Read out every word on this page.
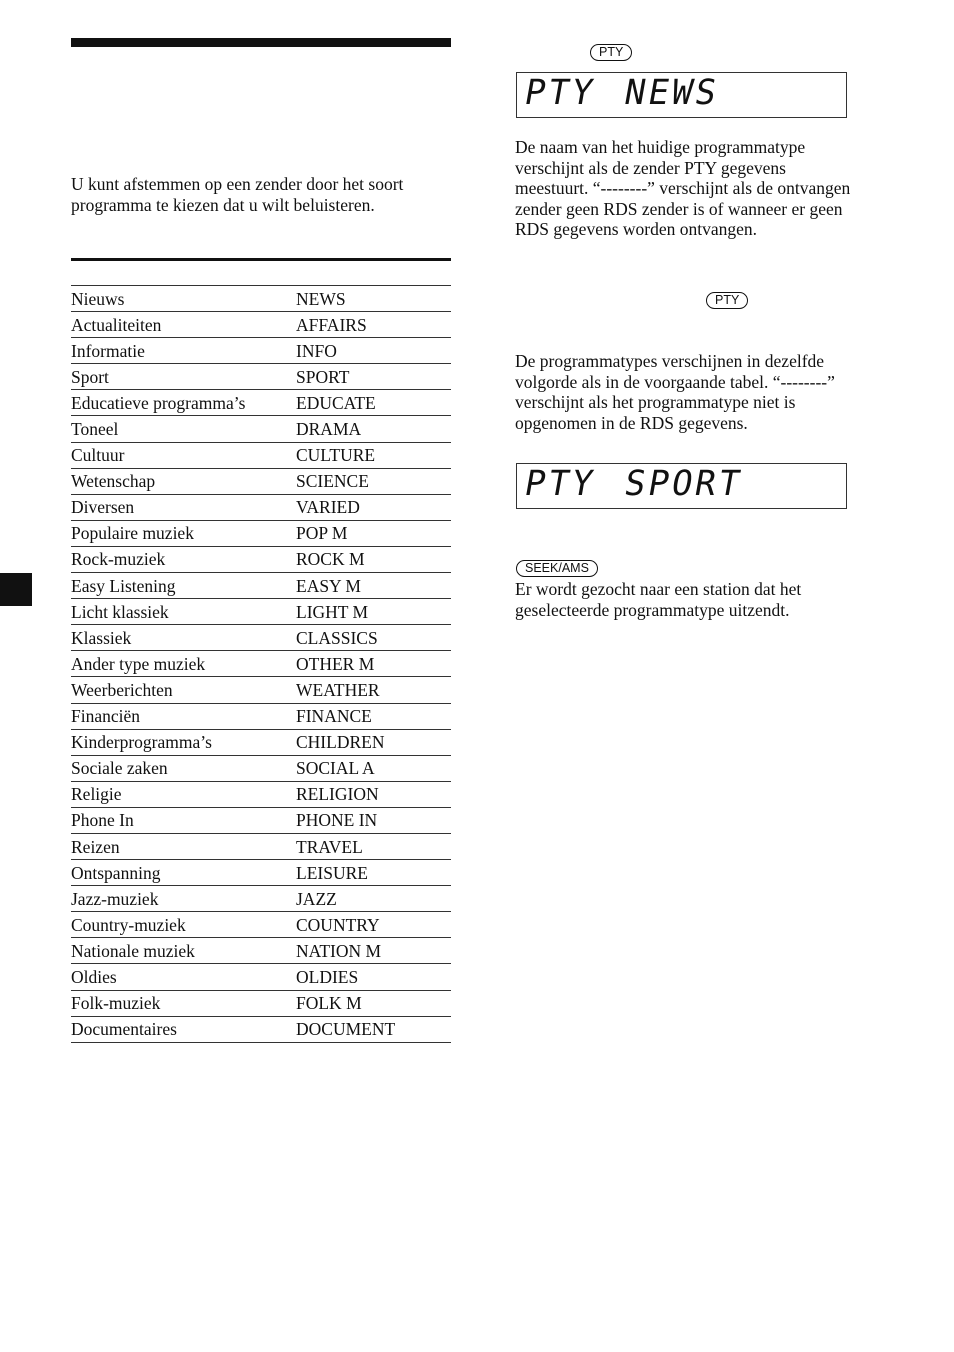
U kunt afstemmen op een zender door het soort programma te kiezen dat u wilt beluisteren.

Nieuws	NEWS
Actualiteiten	AFFAIRS
Informatie	INFO
Sport	SPORT
Educatieve programma’s	EDUCATE
Toneel	DRAMA
Cultuur	CULTURE
Wetenschap	SCIENCE
Diversen	VARIED
Populaire muziek	POP M
Rock-muziek	ROCK M
Easy Listening	EASY M
Licht klassiek	LIGHT M
Klassiek	CLASSICS
Ander type muziek	OTHER M
Weerberichten	WEATHER
Financiën	FINANCE
Kinderprogramma’s	CHILDREN
Sociale zaken	SOCIAL A
Religie	RELIGION
Phone In	PHONE IN
Reizen	TRAVEL
Ontspanning	LEISURE
Jazz-muziek	JAZZ
Country-muziek	COUNTRY
Nationale muziek	NATION M
Oldies	OLDIES
Folk-muziek	FOLK M
Documentaires	DOCUMENT
PTY
PTY NEWS

De naam van het huidige programmatype verschijnt als de zender PTY gegevens meestuurt. “--------” verschijnt als de ontvangen zender geen RDS zender is of wanneer er geen RDS gegevens worden ontvangen.

PTY

De programmatypes verschijnen in dezelfde volgorde als in de voorgaande tabel. “--------” verschijnt als het programmatype niet is opgenomen in de RDS gegevens.

PTY SPORT
SEEK/AMS

Er wordt gezocht naar een station dat het geselecteerde programmatype uitzendt.
